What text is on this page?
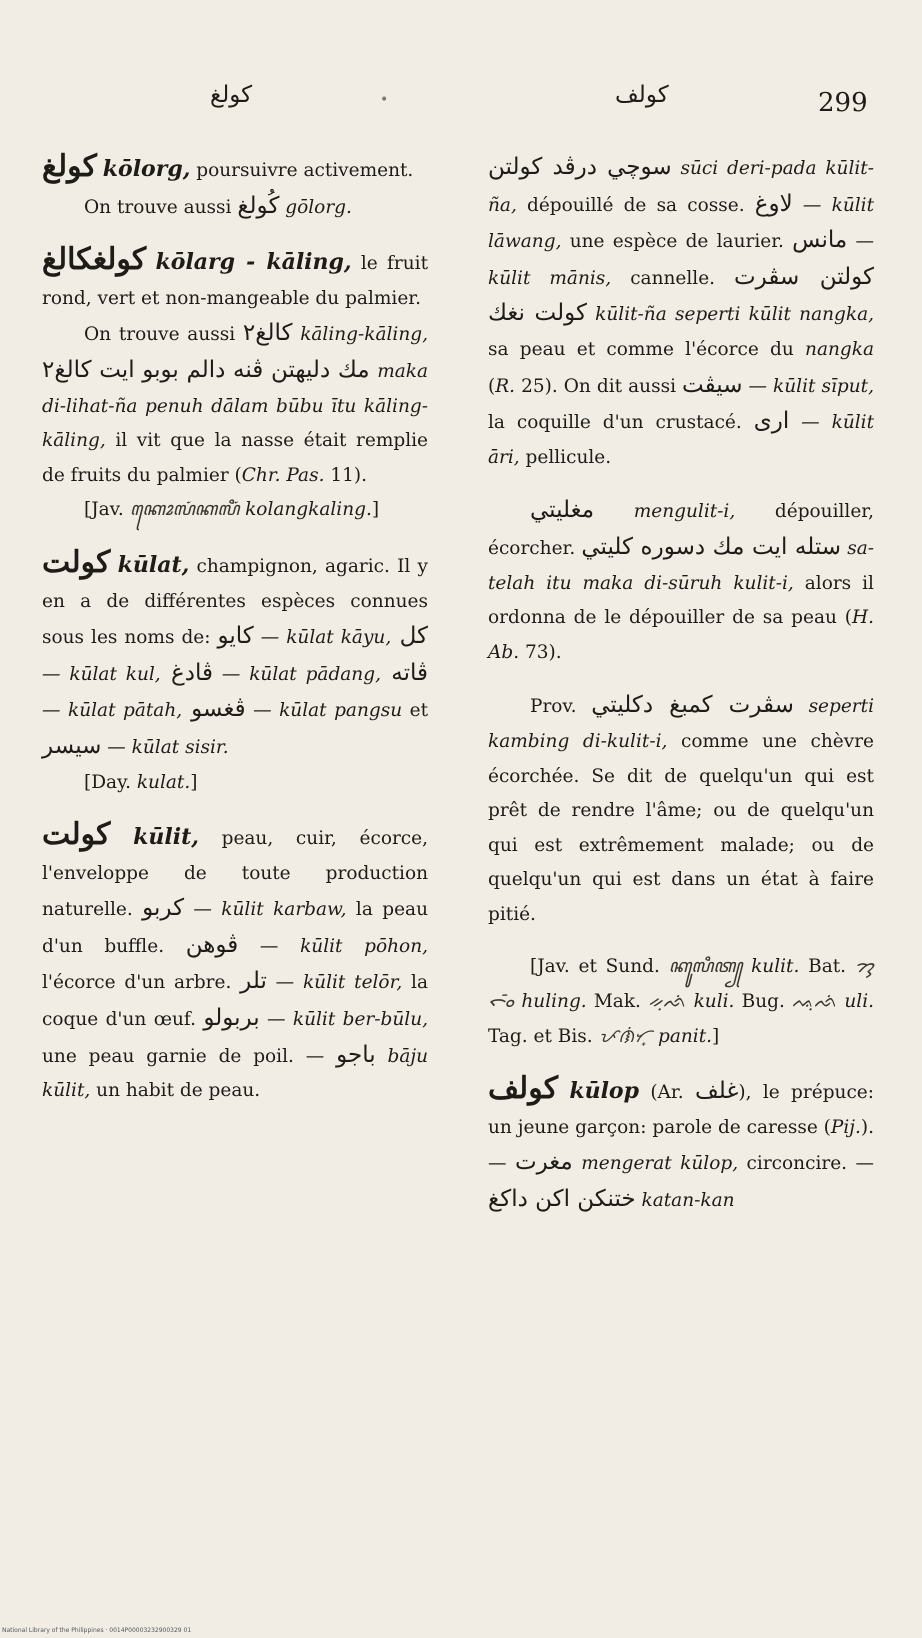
كولغ	•	كولف	299

كولغ kōlorg, poursuivre activement.

On trouve aussi كُولغ gōlorg.

كولغكالغ kōlarg - kāling, le fruit rond, vert et non-mangeable du palmier.

On trouve aussi كالغ٢ kāling-kāling, مك دليهتن ڤنه دالم بوبو ايت كالغ٢ maka di-lihat-ña penuh dālam būbu ītu kāling-kāling, il vit que la nasse était remplie de fruits du palmier (Chr. Pas. 11).

[Jav. ꦏꦺꦴꦭꦁꦏꦭꦶꦁ kolangkaling.]

كولت kūlat, champignon, agaric. Il y en a de différentes espèces connues sous les noms de: كايو — kūlat kāyu, كل — kūlat kul, ڤادغ — kūlat pādang, ڤاته — kūlat pātah, ڤغسو — kūlat pangsu et سيسر — kūlat sisir.

[Day. kulat.]

كولت kūlit, peau, cuir, écorce, l'enveloppe de toute production naturelle. كربو — kūlit karbaw, la peau d'un buffle. ڤوهن — kūlit pōhon, l'écorce d'un arbre. تلر — kūlit telōr, la coque d'un œuf. بربولو — kūlit ber-būlu, une peau garnie de poil. — باجو bāju kūlit, un habit de peau.

سوچي درڤد كولتن sūci deri-pada kūlit-ña, dépouillé de sa cosse. لاوغ — kūlit lāwang, une espèce de laurier. مانس — kūlit mānis, cannelle. كولتن سڤرت كولت نغك kūlit-ña seperti kūlit nangka, sa peau et comme l'écorce du nangka (R. 25). On dit aussi سيڤت — kūlit sīput, la coquille d'un crustacé. ارى — kūlit āri, pellicule.

مغليتي mengulit-i, dépouiller, écorcher. ستله ايت مك دسوره كليتي sa-telah itu maka di-sūruh kulit-i, alors il ordonna de le dépouiller de sa peau (H. Ab. 73).

Prov. سڤرت كمبغ دكليتي seperti kambing di-kulit-i, comme une chèvre écorchée. Se dit de quelqu'un qui est prêt de rendre l'âme; ou de quelqu'un qui est extrêmement malade; ou de quelqu'un qui est dans un état à faire pitié.

[Jav. et Sund. ꦏꦸꦭꦶꦠ꧀ kulit. Bat. ᯂᯮᯞᯪᯰ huling. Mak. ᨀᨘᨒᨗ kuli. Bug. ᨕᨘᨒᨗ uli. Tag. et Bis. ᜉᜈᜒᜆ᜔ panit.]

كولف kūlop (Ar. غلف), le prépuce: un jeune garçon: parole de caresse (Pij.). — مغرت mengerat kūlop, circoncire. — ختنكن اكن داكغ katan-kan

National Library of the Philippines · 0014P00003232900329 01
